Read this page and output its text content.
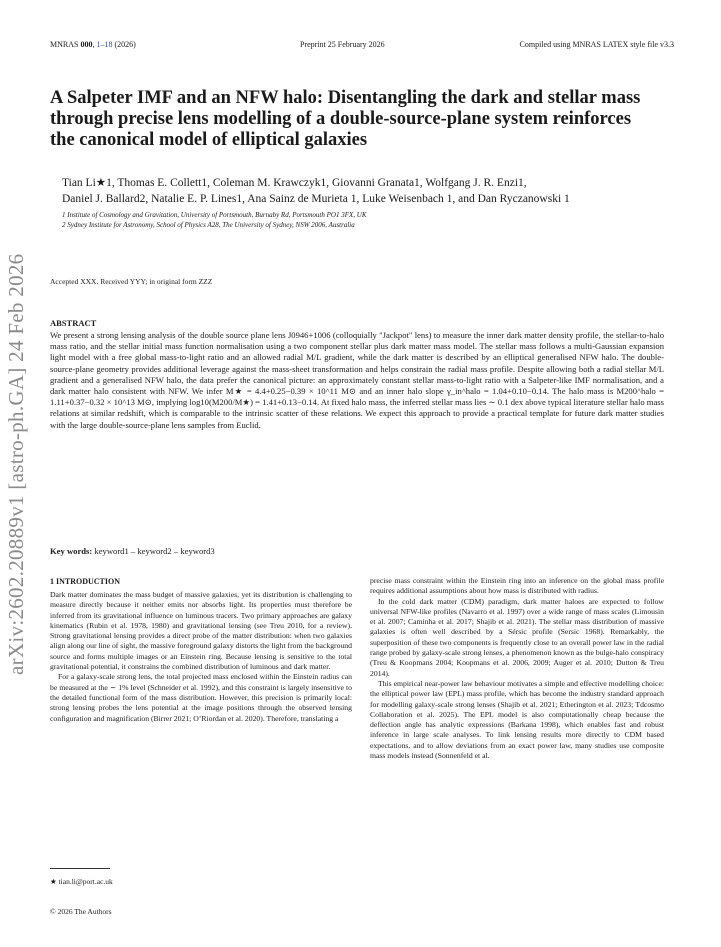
MNRAS 000, 1–18 (2026)	Preprint 25 February 2026	Compiled using MNRAS LATEX style file v3.3
arXiv:2602.20889v1 [astro-ph.GA] 24 Feb 2026
A Salpeter IMF and an NFW halo: Disentangling the dark and stellar mass through precise lens modelling of a double-source-plane system reinforces the canonical model of elliptical galaxies
Tian Li★1, Thomas E. Collett1, Coleman M. Krawczyk1, Giovanni Granata1, Wolfgang J. R. Enzi1,
Daniel J. Ballard2, Natalie E. P. Lines1, Ana Sainz de Murieta 1, Luke Weisenbach 1, and Dan Ryczanowski 1
1 Institute of Cosmology and Gravitation, University of Portsmouth, Burnaby Rd, Portsmouth PO1 3FX, UK
2 Sydney Institute for Astronomy, School of Physics A28, The University of Sydney, NSW 2006, Australia
Accepted XXX. Received YYY; in original form ZZZ
ABSTRACT
We present a strong lensing analysis of the double source plane lens J0946+1006 (colloquially "Jackpot" lens) to measure the inner dark matter density profile, the stellar-to-halo mass ratio, and the stellar initial mass function normalisation using a two component stellar plus dark matter mass model. The stellar mass follows a multi-Gaussian expansion light model with a free global mass-to-light ratio and an allowed radial M/L gradient, while the dark matter is described by an elliptical generalised NFW halo. The double-source-plane geometry provides additional leverage against the mass-sheet transformation and helps constrain the radial mass profile. Despite allowing both a radial stellar M/L gradient and a generalised NFW halo, the data prefer the canonical picture: an approximately constant stellar mass-to-light ratio with a Salpeter-like IMF normalisation, and a dark matter halo consistent with NFW. We infer M★ = 4.4+0.25−0.39 × 10^11 M⊙ and an inner halo slope γ_in^halo = 1.04+0.10−0.14. The halo mass is M200^halo = 1.11+0.37−0.32 × 10^13 M⊙, implying log10(M200/M★) = 1.41+0.13−0.14. At fixed halo mass, the inferred stellar mass lies ∼ 0.1 dex above typical literature stellar halo mass relations at similar redshift, which is comparable to the intrinsic scatter of these relations. We expect this approach to provide a practical template for future dark matter studies with the large double-source-plane lens samples from Euclid.
Key words: keyword1 – keyword2 – keyword3
1 INTRODUCTION

Dark matter dominates the mass budget of massive galaxies, yet its distribution is challenging to measure directly because it neither emits nor absorbs light. Its properties must therefore be inferred from its gravitational influence on luminous tracers. Two primary approaches are galaxy kinematics (Rubin et al. 1978, 1980) and gravitational lensing (see Treu 2010, for a review). Strong gravitational lensing provides a direct probe of the matter distribution: when two galaxies align along our line of sight, the massive foreground galaxy distorts the light from the background source and forms multiple images or an Einstein ring. Because lensing is sensitive to the total gravitational potential, it constrains the combined distribution of luminous and dark matter.

For a galaxy-scale strong lens, the total projected mass enclosed within the Einstein radius can be measured at the ∼ 1% level (Schneider et al. 1992), and this constraint is largely insensitive to the detailed functional form of the mass distribution. However, this precision is primarily local: strong lensing probes the lens potential at the image positions through the observed lensing configuration and magnification (Birrer 2021; O’Riordan et al. 2020). Therefore, translating a

precise mass constraint within the Einstein ring into an inference on the global mass profile requires additional assumptions about how mass is distributed with radius.

In the cold dark matter (CDM) paradigm, dark matter haloes are expected to follow universal NFW-like profiles (Navarro et al. 1997) over a wide range of mass scales (Limousin et al. 2007; Caminha et al. 2017; Shajib et al. 2021). The stellar mass distribution of massive galaxies is often well described by a Sérsic profile (Sersic 1968). Remarkably, the superposition of these two components is frequently close to an overall power law in the radial range probed by galaxy-scale strong lenses, a phenomenon known as the bulge-halo conspiracy (Treu & Koopmans 2004; Koopmans et al. 2006, 2009; Auger et al. 2010; Dutton & Treu 2014).

This empirical near-power law behaviour motivates a simple and effective modelling choice: the elliptical power law (EPL) mass profile, which has become the industry standard approach for modelling galaxy-scale strong lenses (Shajib et al. 2021; Etherington et al. 2023; Tdcosmo Collaboration et al. 2025). The EPL model is also computationally cheap because the deflection angle has analytic expressions (Barkana 1998), which enables fast and robust inference in large scale analyses. To link lensing results more directly to CDM based expectations, and to allow deviations from an exact power law, many studies use composite mass models instead (Sonnenfeld et al.

★ tian.li@port.ac.uk
© 2026 The Authors
